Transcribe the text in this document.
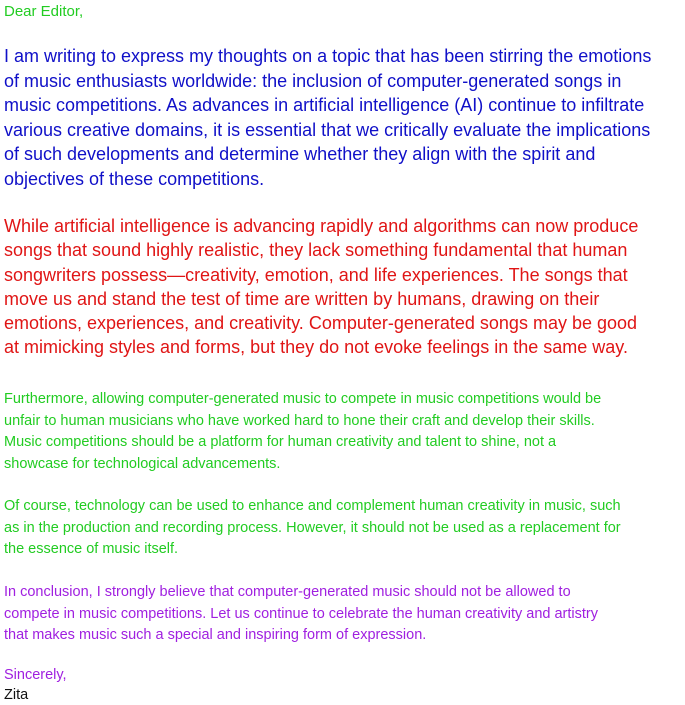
Dear Editor,

I am writing to express my thoughts on a topic that has been stirring the emotions
of music enthusiasts worldwide: the inclusion of computer-generated songs in
music competitions. As advances in artificial intelligence (AI) continue to infiltrate
various creative domains, it is essential that we critically evaluate the implications
of such developments and determine whether they align with the spirit and
objectives of these competitions.

While artificial intelligence is advancing rapidly and algorithms can now produce
songs that sound highly realistic, they lack something fundamental that human
songwriters possess—creativity, emotion, and life experiences. The songs that
move us and stand the test of time are written by humans, drawing on their
emotions, experiences, and creativity. Computer-generated songs may be good
at mimicking styles and forms, but they do not evoke feelings in the same way.

Furthermore, allowing computer-generated music to compete in music competitions would be
unfair to human musicians who have worked hard to hone their craft and develop their skills.
Music competitions should be a platform for human creativity and talent to shine, not a
showcase for technological advancements.

Of course, technology can be used to enhance and complement human creativity in music, such
as in the production and recording process. However, it should not be used as a replacement for
the essence of music itself.

In conclusion, I strongly believe that computer-generated music should not be allowed to
compete in music competitions. Let us continue to celebrate the human creativity and artistry
that makes music such a special and inspiring form of expression.

Sincerely,

Zita
